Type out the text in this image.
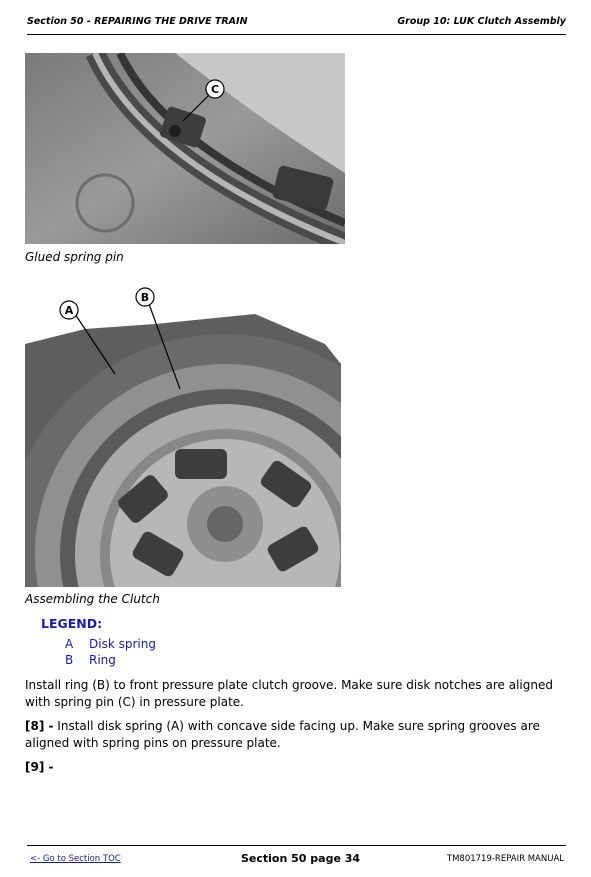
Section 50 - REPAIRING THE DRIVE TRAIN	Group 10: LUK Clutch Assembly
C
Glued spring pin
A
B
Assembling the Clutch
LEGEND:
A Disk spring
B Ring
Install ring (B) to front pressure plate clutch groove. Make sure disk notches are aligned with spring pin (C) in pressure plate.
[8] - Install disk spring (A) with concave side facing up. Make sure spring grooves are aligned with spring pins on pressure plate.
[9] -
<- Go to Section TOC	Section 50 page 34	TM801719-REPAIR MANUAL
